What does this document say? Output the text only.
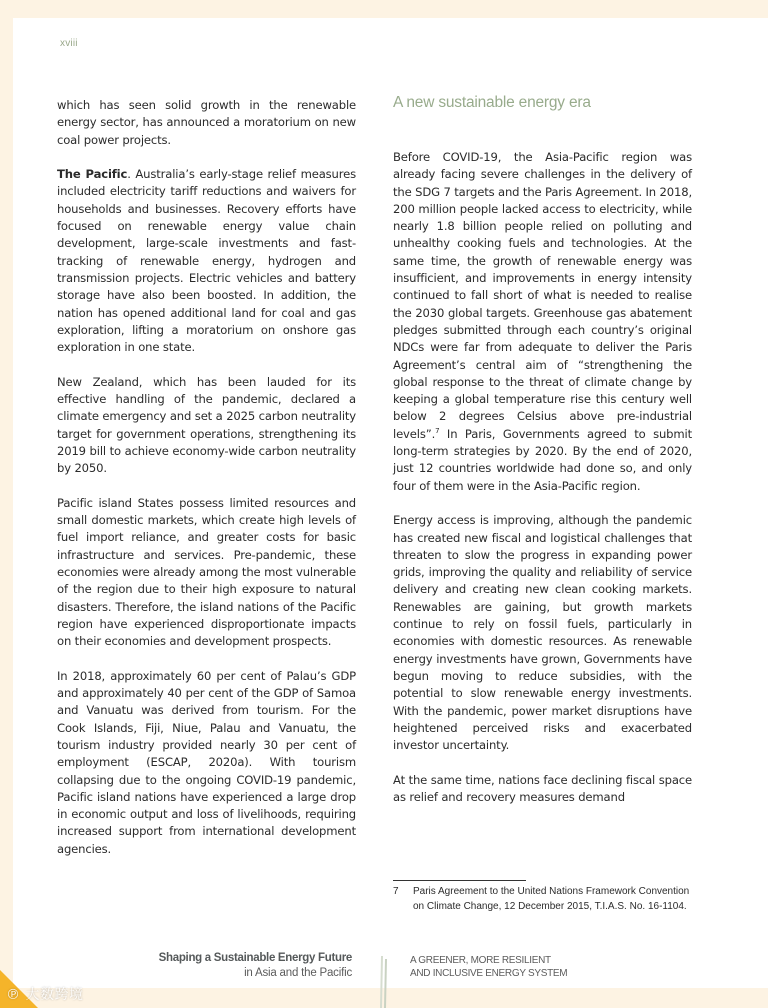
xviii

which has seen solid growth in the renewable energy sector, has announced a moratorium on new coal power projects.

The Pacific. Australia’s early-stage relief measures included electricity tariff reductions and waivers for households and businesses. Recovery efforts have focused on renewable energy value chain development, large-scale investments and fast-tracking of renewable energy, hydrogen and transmission projects. Electric vehicles and battery storage have also been boosted. In addition, the nation has opened additional land for coal and gas exploration, lifting a moratorium on onshore gas exploration in one state.

New Zealand, which has been lauded for its effective handling of the pandemic, declared a climate emergency and set a 2025 carbon neutrality target for government operations, strengthening its 2019 bill to achieve economy-wide carbon neutrality by 2050.

Pacific island States possess limited resources and small domestic markets, which create high levels of fuel import reliance, and greater costs for basic infrastructure and services. Pre-pandemic, these economies were already among the most vulnerable of the region due to their high exposure to natural disasters. Therefore, the island nations of the Pacific region have experienced disproportionate impacts on their economies and development prospects.

In 2018, approximately 60 per cent of Palau’s GDP and approximately 40 per cent of the GDP of Samoa and Vanuatu was derived from tourism. For the Cook Islands, Fiji, Niue, Palau and Vanuatu, the tourism industry provided nearly 30 per cent of employment (ESCAP, 2020a). With tourism collapsing due to the ongoing COVID-19 pandemic, Pacific island nations have experienced a large drop in economic output and loss of livelihoods, requiring increased support from international development agencies.

A new sustainable energy era

Before COVID-19, the Asia-Pacific region was already facing severe challenges in the delivery of the SDG 7 targets and the Paris Agreement. In 2018, 200 million people lacked access to electricity, while nearly 1.8 billion people relied on polluting and unhealthy cooking fuels and technologies. At the same time, the growth of renewable energy was insufficient, and improvements in energy intensity continued to fall short of what is needed to realise the 2030 global targets. Greenhouse gas abatement pledges submitted through each country’s original NDCs were far from adequate to deliver the Paris Agreement’s central aim of “strengthening the global response to the threat of climate change by keeping a global temperature rise this century well below 2 degrees Celsius above pre-industrial levels”.$^7$ In Paris, Governments agreed to submit long-term strategies by 2020. By the end of 2020, just 12 countries worldwide had done so, and only four of them were in the Asia-Pacific region.

Energy access is improving, although the pandemic has created new fiscal and logistical challenges that threaten to slow the progress in expanding power grids, improving the quality and reliability of service delivery and creating new clean cooking markets. Renewables are gaining, but growth markets continue to rely on fossil fuels, particularly in economies with domestic resources. As renewable energy investments have grown, Governments have begun moving to reduce subsidies, with the potential to slow renewable energy investments. With the pandemic, power market disruptions have heightened perceived risks and exacerbated investor uncertainty.

At the same time, nations face declining fiscal space as relief and recovery measures demand

7	Paris Agreement to the United Nations Framework Convention on Climate Change, 12 December 2015, T.I.A.S. No. 16-1104.
Shaping a Sustainable Energy Future
in Asia and the Pacific
A GREENER, MORE RESILIENT
AND INCLUSIVE ENERGY SYSTEM
℗ 大数跨境
